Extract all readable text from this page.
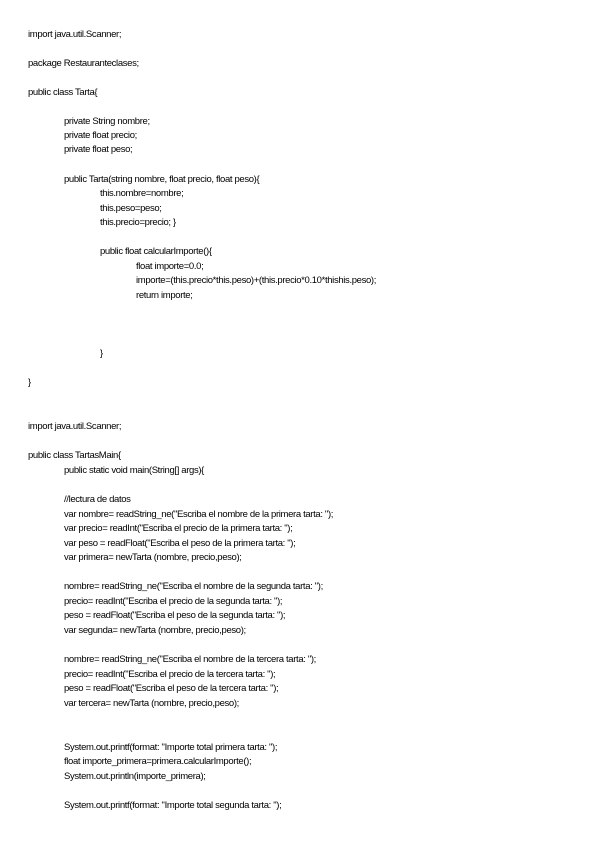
import java.util.Scanner;
package Restauranteclases;
public class Tarta{
private String nombre;
private float precio;
private float peso;
public Tarta(string nombre, float precio, float peso){
this.nombre=nombre;
this.peso=peso;
this.precio=precio; }
public float calcularImporte(){
float importe=0.0;
importe=(this.precio*this.peso)+(this.precio*0.10*thishis.peso);
return importe;
}
}
import java.util.Scanner;
public class TartasMain{
public static void main(String[] args){
//lectura de datos
var nombre= readString_ne("Escriba el nombre de la primera tarta: ");
var precio= readInt("Escriba el precio de la primera tarta: ");
var peso = readFloat("Escriba el peso de la primera tarta: ");
var primera= newTarta (nombre, precio,peso);
nombre= readString_ne("Escriba el nombre de la segunda tarta: ");
precio= readInt("Escriba el precio de la segunda tarta: ");
peso = readFloat("Escriba el peso de la segunda tarta: ");
var segunda= newTarta (nombre, precio,peso);
nombre= readString_ne("Escriba el nombre de la tercera tarta: ");
precio= readInt("Escriba el precio de la tercera tarta: ");
peso = readFloat("Escriba el peso de la tercera tarta: ");
var tercera= newTarta (nombre, precio,peso);
System.out.printf(format: "Importe total primera tarta: ");
float importe_primera=primera.calcularImporte();
System.out.println(importe_primera);
System.out.printf(format: "Importe total segunda tarta: ");
